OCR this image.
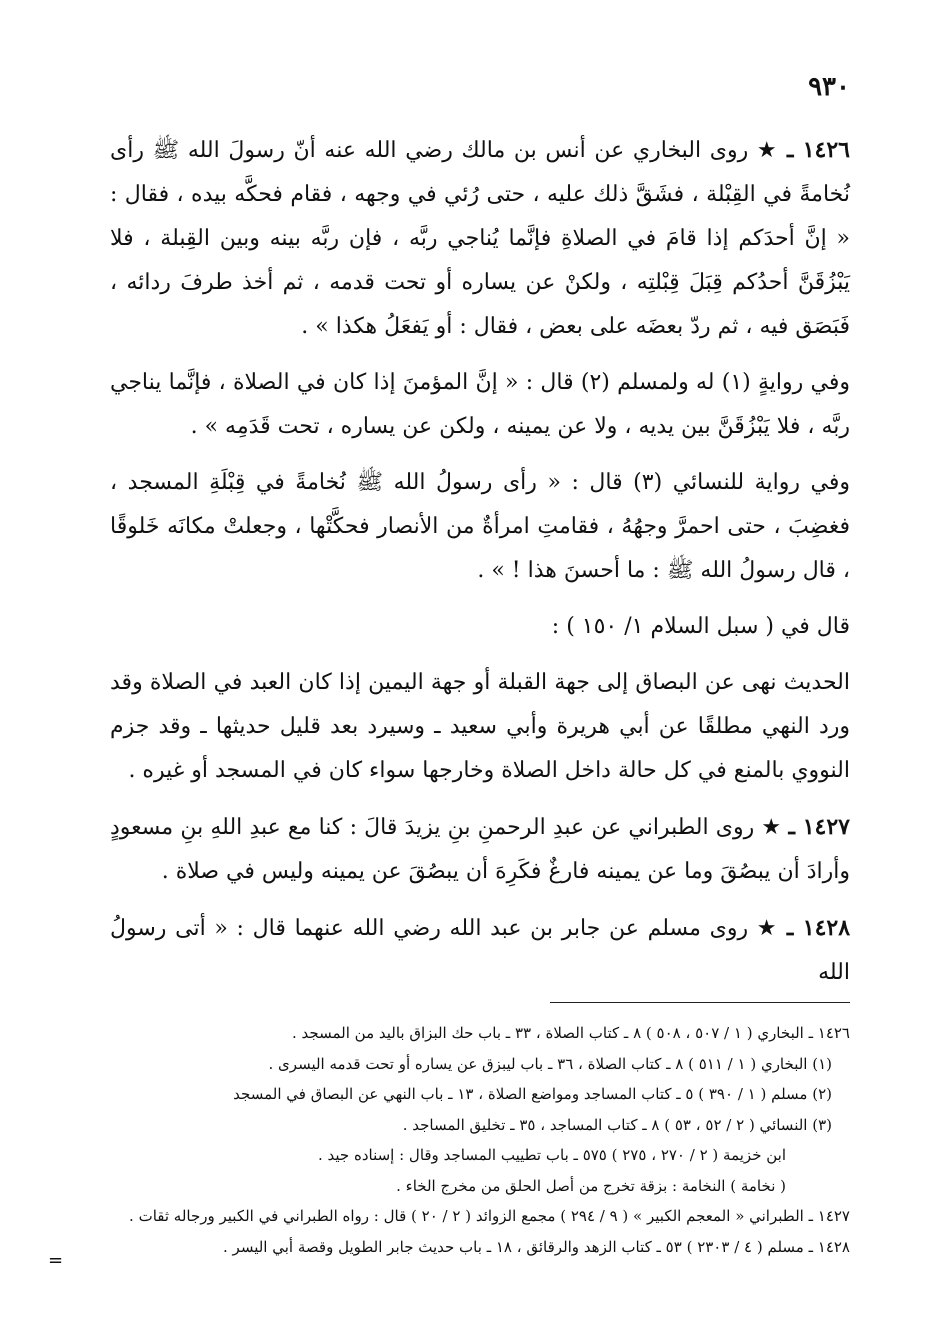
٩٣٠

١٤٢٦ ـ ★ روى البخاري عن أنس بن مالك رضي الله عنه أنّ رسولَ الله ﷺ رأى نُخامةً في القِبْلة ، فشَقَّ ذلك عليه ، حتى رُئي في وجهه ، فقام فحكَّه بيده ، فقال : « إنَّ أحدَكم إذا قامَ في الصلاةِ فإنَّما يُناجي ربَّه ، فإن ربَّه بينه وبين القِبلة ، فلا يَبْزُقَنَّ أحدُكم قِبَلَ قِبْلتِه ، ولكنْ عن يساره أو تحت قدمه ، ثم أخذ طرفَ ردائه ، فَبَصَق فيه ، ثم ردّ بعضَه على بعض ، فقال : أو يَفعَلُ هكذا » .

وفي روايةٍ (١) له ولمسلم (٢) قال : « إنَّ المؤمنَ إذا كان في الصلاة ، فإنَّما يناجي ربَّه ، فلا يَبْزُقَنَّ بين يديه ، ولا عن يمينه ، ولكن عن يساره ، تحت قَدَمِه » .

وفي رواية للنسائي (٣) قال : « رأى رسولُ الله ﷺ نُخامةً في قِبْلَةِ المسجد ، فغضِبَ ، حتى احمرَّ وجهُهُ ، فقامتِ امرأةٌ من الأنصار فحكَّتْها ، وجعلتْ مكانَه خَلوقًا ، قال رسولُ الله ﷺ : ما أحسنَ هذا ! » .

قال في ( سبل السلام ١/ ١٥٠ ) :

الحديث نهى عن البصاق إلى جهة القبلة أو جهة اليمين إذا كان العبد في الصلاة وقد ورد النهي مطلقًا عن أبي هريرة وأبي سعيد ـ وسيرد بعد قليل حديثها ـ وقد جزم النووي بالمنع في كل حالة داخل الصلاة وخارجها سواء كان في المسجد أو غيره .

١٤٢٧ ـ ★ روى الطبراني عن عبدِ الرحمنِ بنِ يزيدَ قالَ : كنا مع عبدِ اللهِ بنِ مسعودٍ وأرادَ أن يبصُقَ وما عن يمينه فارغٌ فكَرِهَ أن يبصُقَ عن يمينه وليس في صلاة .

١٤٢٨ ـ ★ روى مسلم عن جابر بن عبد الله رضي الله عنهما قال : « أتى رسولُ الله

١٤٢٦ ـ البخاري ( ١ / ٥٠٧ ، ٥٠٨ ) ٨ ـ كتاب الصلاة ، ٣٣ ـ باب حك البزاق باليد من المسجد .
(١) البخاري ( ١ / ٥١١ ) ٨ ـ كتاب الصلاة ، ٣٦ ـ باب ليبزق عن يساره أو تحت قدمه اليسرى .
(٢) مسلم ( ١ / ٣٩٠ ) ٥ ـ كتاب المساجد ومواضع الصلاة ، ١٣ ـ باب النهي عن البصاق في المسجد
(٣) النسائي ( ٢ / ٥٢ ، ٥٣ ) ٨ ـ كتاب المساجد ، ٣٥ ـ تخليق المساجد .
ابن خزيمة ( ٢ / ٢٧٠ ، ٢٧٥ ) ٥٧٥ ـ باب تطييب المساجد وقال : إسناده جيد .
( نخامة ) النخامة : بزقة تخرج من أصل الحلق من مخرج الخاء .
١٤٢٧ ـ الطبراني « المعجم الكبير » ( ٩ / ٢٩٤ ) مجمع الزوائد ( ٢ / ٢٠ ) قال : رواه الطبراني في الكبير ورجاله ثقات .
١٤٢٨ ـ مسلم ( ٤ / ٢٣٠٣ ) ٥٣ ـ كتاب الزهد والرقائق ، ١٨ ـ باب حديث جابر الطويل وقصة أبي اليسر .
=
